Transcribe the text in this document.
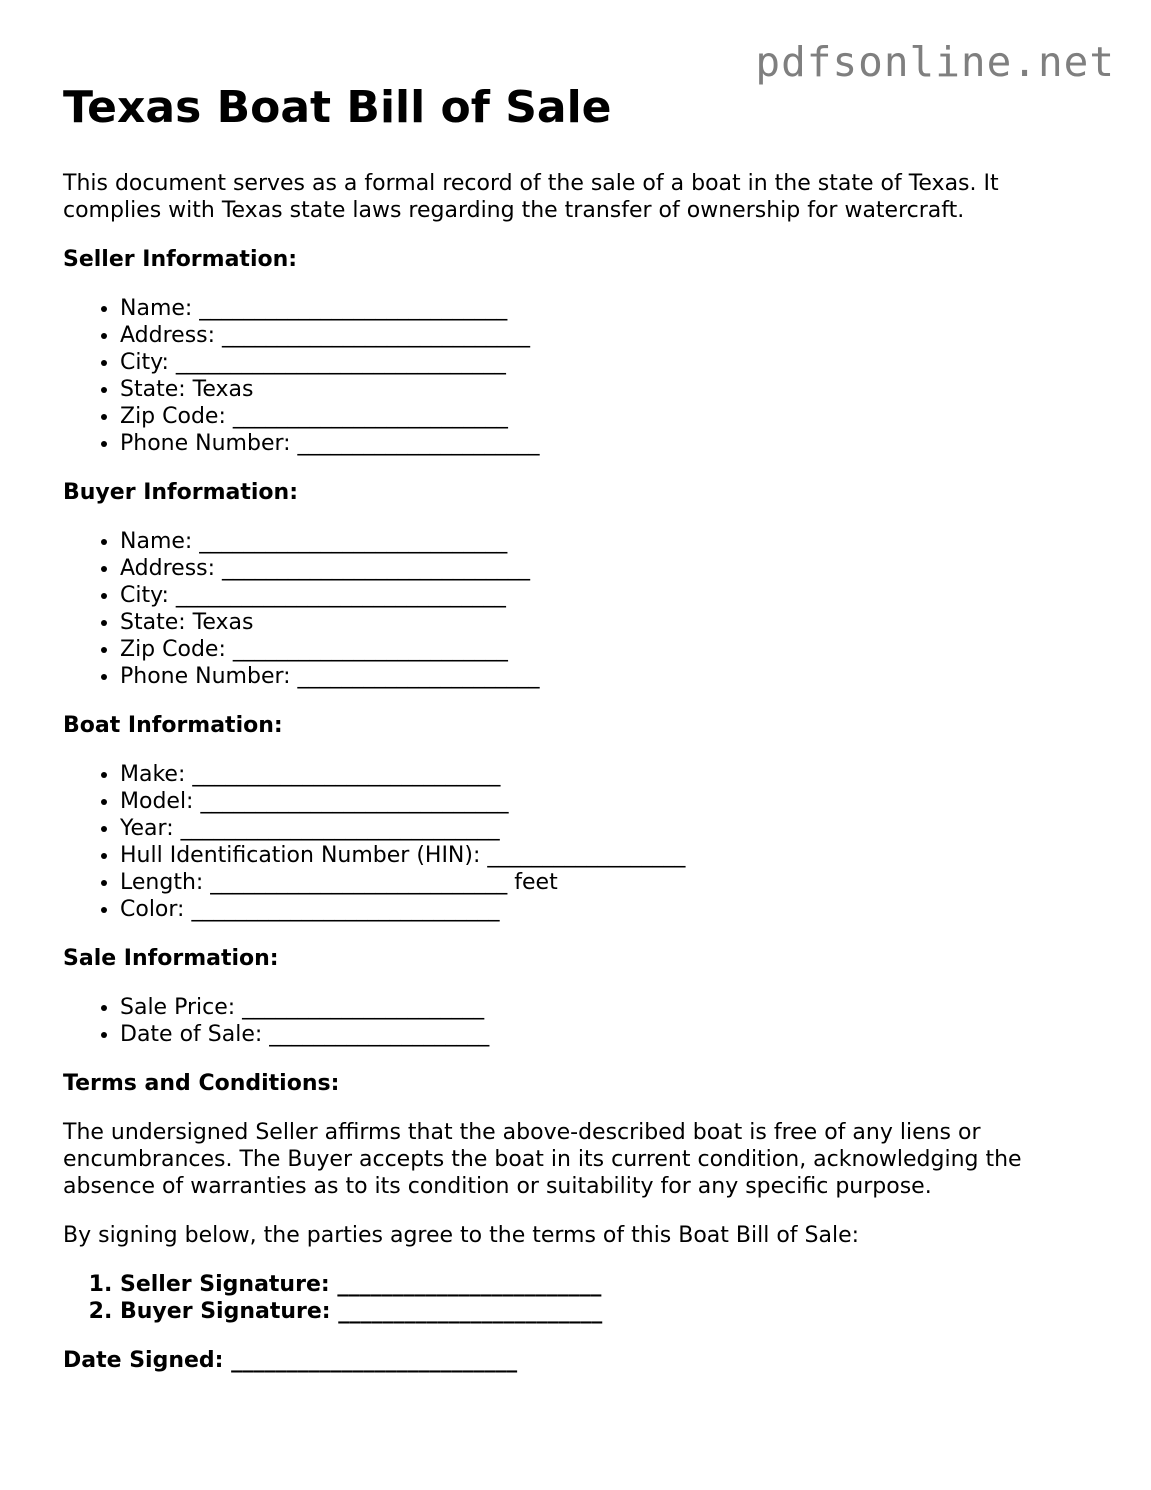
pdfsonline.net
Texas Boat Bill of Sale

This document serves as a formal record of the sale of a boat in the state of Texas. It complies with Texas state laws regarding the transfer of ownership for watercraft.

Seller Information:
• Name: ____________________________
• Address: ____________________________
• City: ______________________________
• State: Texas
• Zip Code: _________________________
• Phone Number: ______________________
Buyer Information:
• Name: ____________________________
• Address: ____________________________
• City: ______________________________
• State: Texas
• Zip Code: _________________________
• Phone Number: ______________________
Boat Information:
• Make: ____________________________
• Model: ____________________________
• Year: _____________________________
• Hull Identification Number (HIN): __________________
• Length: ___________________________ feet
• Color: ____________________________
Sale Information:
• Sale Price: ______________________
• Date of Sale: ____________________
Terms and Conditions:

The undersigned Seller affirms that the above-described boat is free of any liens or encumbrances. The Buyer accepts the boat in its current condition, acknowledging the absence of warranties as to its condition or suitability for any specific purpose.

By signing below, the parties agree to the terms of this Boat Bill of Sale:

1. Seller Signature: ________________________
2. Buyer Signature: ________________________
Date Signed: __________________________
